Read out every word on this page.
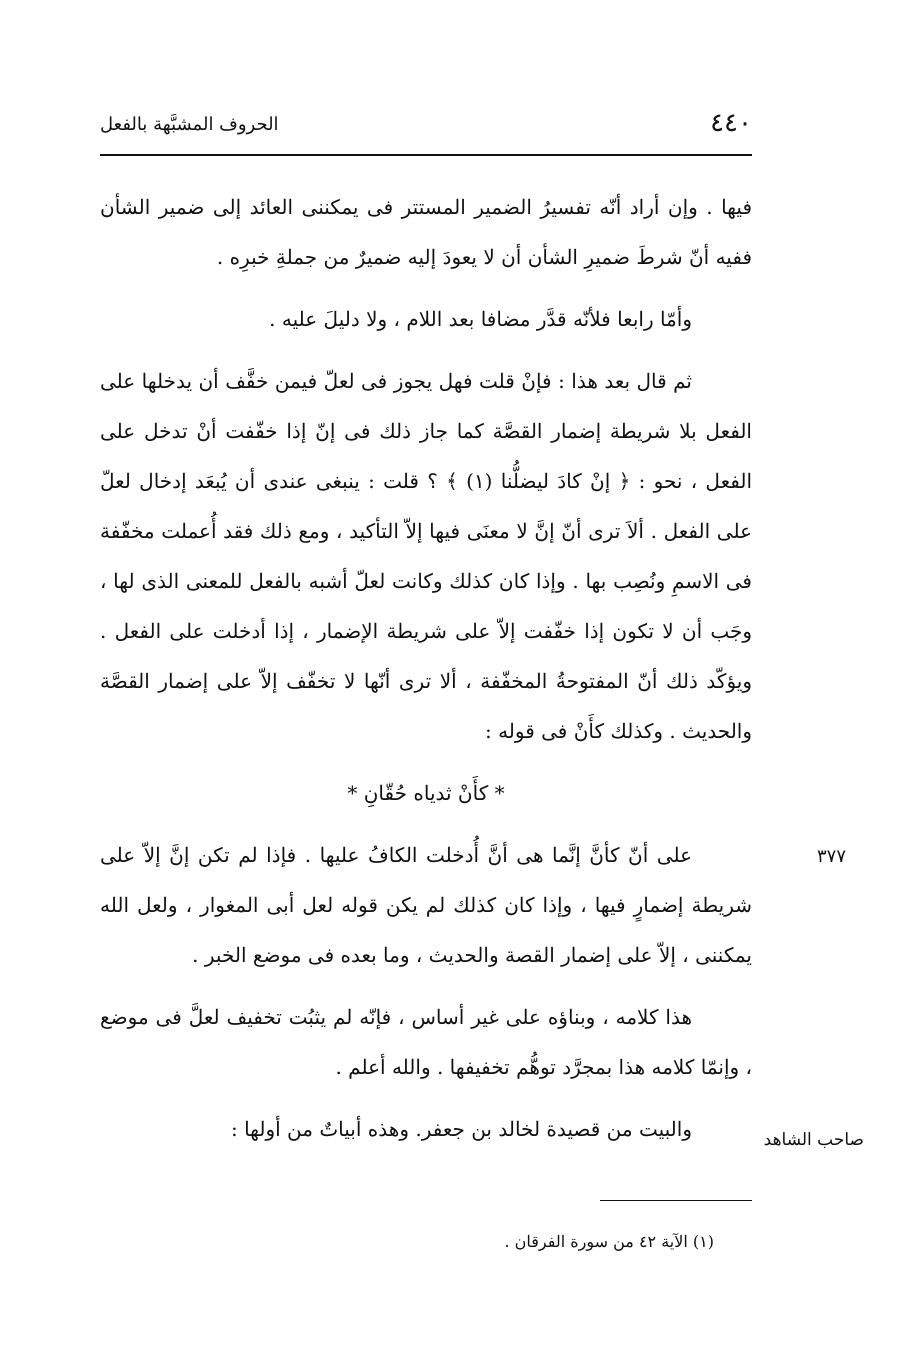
٤٤٠
الحروف المشبَّهة بالفعل

فيها . وإن أراد أنّه تفسيرُ الضمير المستتر فى يمكننى العائد إلى ضمير الشأن ففيه أنّ شرطَ ضميرِ الشأن أن لا يعودَ إليه ضميرٌ من جملةِ خبرِه .

وأمّا رابعا فلأنّه قدَّر مضافا بعد اللام ، ولا دليلَ عليه .

ثم قال بعد هذا : فإنْ قلت فهل يجوز فى لعلّ فيمن خفَّف أن يدخلها على الفعل بلا شريطة إضمار القصَّة كما جاز ذلك فى إنّ إذا خفّفت أنْ تدخل على الفعل ، نحو : ﴿ إنْ كادَ ليضلُّنا (١) ﴾ ؟ قلت : ينبغى عندى أن يُبعَد إدخال لعلّ على الفعل . ألاَ ترى أنّ إنَّ لا معنَى فيها إلاّ التأكيد ، ومع ذلك فقد أُعملت مخفّفة فى الاسمِ ونُصِب بها . وإذا كان كذلك وكانت لعلّ أشبه بالفعل للمعنى الذى لها ، وجَب أن لا تكون إذا خفّفت إلاّ على شريطة الإضمار ، إذا أدخلت على الفعل . ويؤكّد ذلك أنّ المفتوحةُ المخفّفة ، ألا ترى أنّها لا تخفّف إلاّ على إضمار القصَّة والحديث . وكذلك كأَنْ فى قوله :

* كأَنْ ثدياه حُقّانِ *

على أنّ كأنَّ إنَّما هى أنَّ أُدخلت الكافُ عليها . فإذا لم تكن إنَّ إلاّ على شريطة إضمارٍ فيها ، وإذا كان كذلك لم يكن قوله لعل أبى المغوار ، ولعل الله يمكننى ، إلاّ على إضمار القصة والحديث ، وما بعده فى موضع الخبر .

هذا كلامه ، وبناؤه على غير أساس ، فإنّه لم يثبُت تخفيف لعلَّ فى موضع ، وإنمّا كلامه هذا بمجرَّد توهُّم تخفيفها . والله أعلم .

والبيت من قصيدة لخالد بن جعفر. وهذه أبياتٌ من أولها :

٣٧٧
صاحب الشاهد
(١) الآية ٤٢ من سورة الفرقان .
